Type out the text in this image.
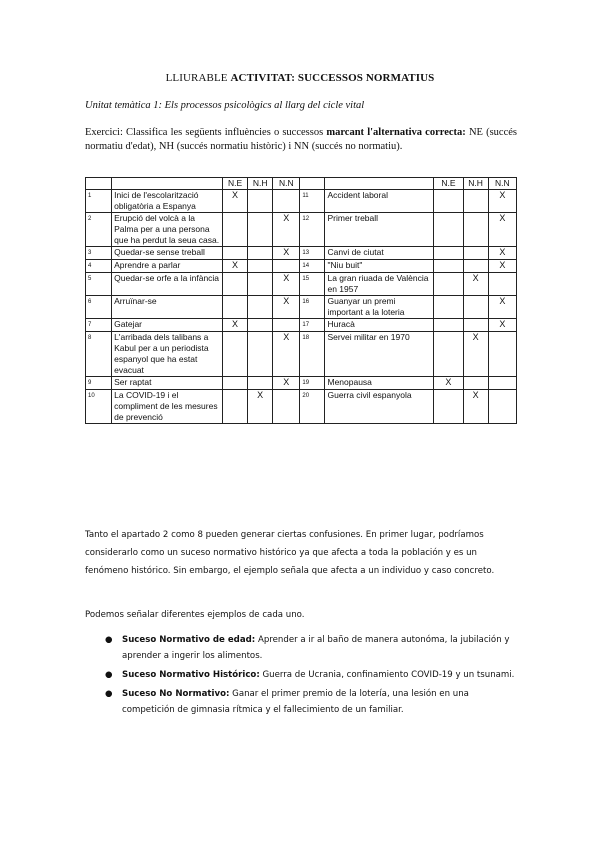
LLIURABLE ACTIVITAT: SUCCESSOS NORMATIUS
Unitat temàtica 1: Els processos psicològics al llarg del cicle vital
Exercici: Classifica les següents influències o successos marcant l'alternativa correcta: NE (succés normatiu d'edat), NH (succés normatiu històric) i NN (succés no normatiu).
		N.E	N.H	N.N			N.E	N.H	N.N
1	Inici de l'escolarització obligatòria a Espanya	X			11	Accident laboral			X
2	Erupció del volcà a la Palma per a una persona que ha perdut la seua casa.			X	12	Primer treball			X
3	Quedar-se sense treball			X	13	Canvi de ciutat			X
4	Aprendre a parlar	X			14	"Niu buit"			X
5	Quedar-se orfe a la infància			X	15	La gran riuada de València en 1957		X	
6	Arruïnar-se			X	16	Guanyar un premi important a la loteria			X
7	Gatejar	X			17	Huracà			X
8	L'arribada dels talibans a Kabul per a un periodista espanyol que ha estat evacuat			X	18	Servei militar en 1970		X	
9	Ser raptat			X	19	Menopausa	X		
10	La COVID-19 i el compliment de les mesures de prevenció		X		20	Guerra civil espanyola		X	
Tanto el apartado 2 como 8 pueden generar ciertas confusiones. En primer lugar, podríamos considerarlo como un suceso normativo histórico ya que afecta a toda la población y es un fenómeno histórico. Sin embargo, el ejemplo señala que afecta a un individuo y caso concreto.
Podemos señalar diferentes ejemplos de cada uno.
● Suceso Normativo de edad: Aprender a ir al baño de manera autonóma, la jubilación y aprender a ingerir los alimentos.
● Suceso Normativo Histórico: Guerra de Ucrania, confinamiento COVID-19 y un tsunami.
● Suceso No Normativo: Ganar el primer premio de la lotería, una lesión en una competición de gimnasia rítmica y el fallecimiento de un familiar.
